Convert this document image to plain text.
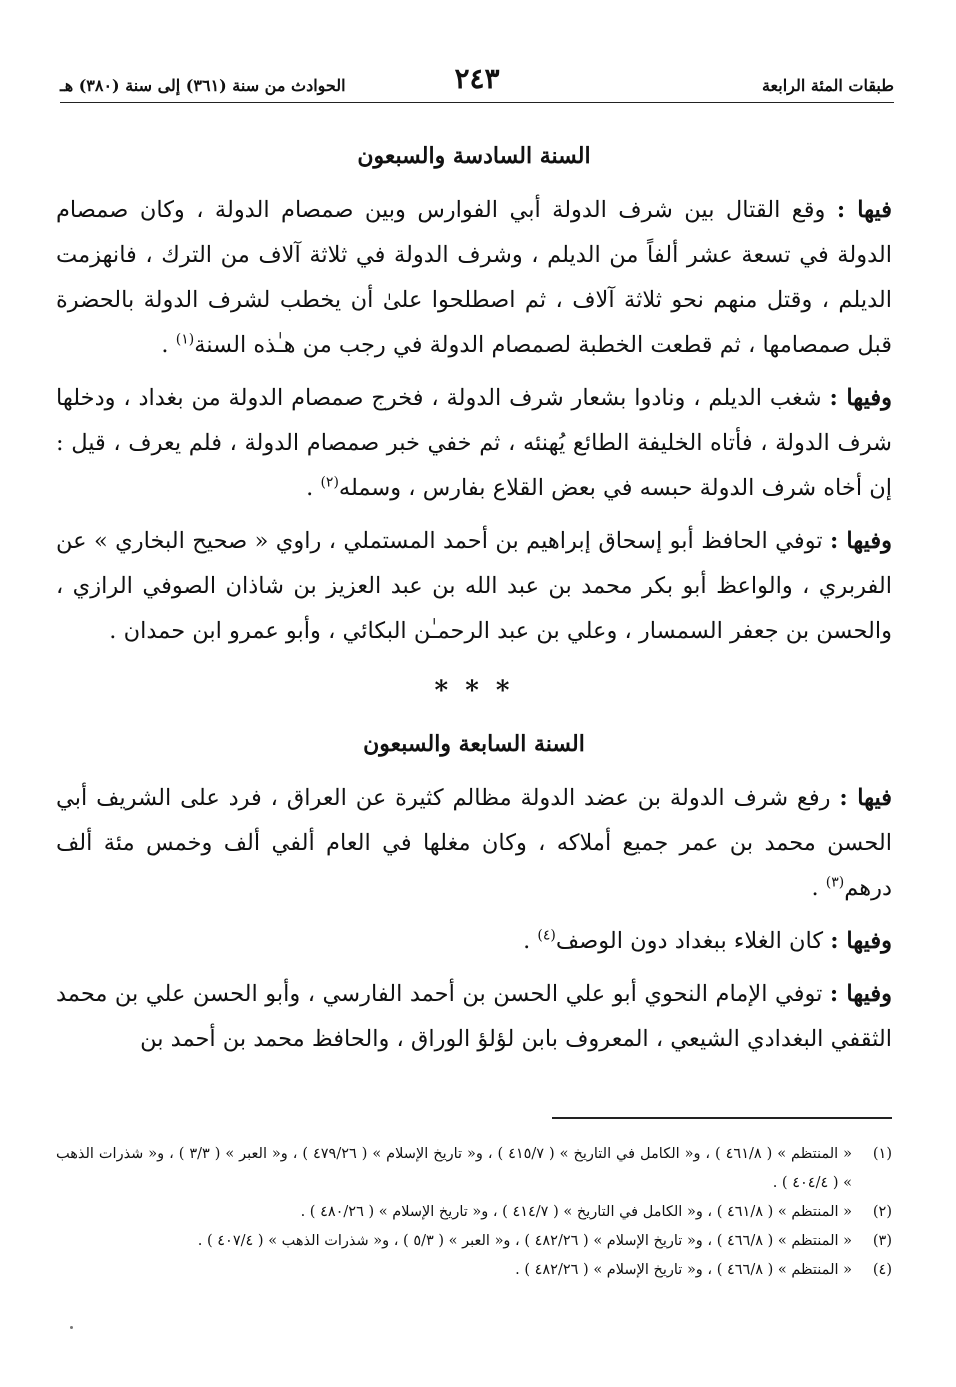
طبقات المئة الرابعة
٢٤٣
الحوادث من سنة (٣٦١) إلى سنة (٣٨٠) هـ
السنة السادسة والسبعون

فيها : وقع القتال بين شرف الدولة أبي الفوارس وبين صمصام الدولة ، وكان صمصام الدولة في تسعة عشر ألفاً من الديلم ، وشرف الدولة في ثلاثة آلاف من الترك ، فانهزمت الديلم ، وقتل منهم نحو ثلاثة آلاف ، ثم اصطلحوا علىٰ أن يخطب لشرف الدولة بالحضرة قبل صمصامها ، ثم قطعت الخطبة لصمصام الدولة في رجب من هـٰذه السنة$^{(١)}$ .

وفيها : شغب الديلم ، ونادوا بشعار شرف الدولة ، فخرج صمصام الدولة من بغداد ، ودخلها شرف الدولة ، فأتاه الخليفة الطائع يُهنئه ، ثم خفي خبر صمصام الدولة ، فلم يعرف ، قيل : إن أخاه شرف الدولة حبسه في بعض القلاع بفارس ، وسمله$^{(٢)}$ .

وفيها : توفي الحافظ أبو إسحاق إبراهيم بن أحمد المستملي ، راوي « صحيح البخاري » عن الفربري ، والواعظ أبو بكر محمد بن عبد الله بن عبد العزيز بن شاذان الصوفي الرازي ، والحسن بن جعفر السمسار ، وعلي بن عبد الرحمـٰن البكائي ، وأبو عمرو ابن حمدان .

* * *
السنة السابعة والسبعون

فيها : رفع شرف الدولة بن عضد الدولة مظالم كثيرة عن العراق ، فرد على الشريف أبي الحسن محمد بن عمر جميع أملاكه ، وكان مغلها في العام ألفي ألف وخمس مئة ألف درهم$^{(٣)}$ .

وفيها : كان الغلاء ببغداد دون الوصف$^{(٤)}$ .

وفيها : توفي الإمام النحوي أبو علي الحسن بن أحمد الفارسي ، وأبو الحسن علي بن محمد الثقفي البغدادي الشيعي ، المعروف بابن لؤلؤ الوراق ، والحافظ محمد بن أحمد بن

(١)
« المنتظم » ( ٤٦١/٨ ) ، و« الكامل في التاريخ » ( ٤١٥/٧ ) ، و« تاريخ الإسلام » ( ٤٧٩/٢٦ ) ، و« العبر » ( ٣/٣ ) ، و« شذرات الذهب » ( ٤٠٤/٤ ) .
(٢)
« المنتظم » ( ٤٦١/٨ ) ، و« الكامل في التاريخ » ( ٤١٤/٧ ) ، و« تاريخ الإسلام » ( ٤٨٠/٢٦ ) .
(٣)
« المنتظم » ( ٤٦٦/٨ ) ، و« تاريخ الإسلام » ( ٤٨٢/٢٦ ) ، و« العبر » ( ٥/٣ ) ، و« شذرات الذهب » ( ٤٠٧/٤ ) .
(٤)
« المنتظم » ( ٤٦٦/٨ ) ، و« تاريخ الإسلام » ( ٤٨٢/٢٦ ) .
